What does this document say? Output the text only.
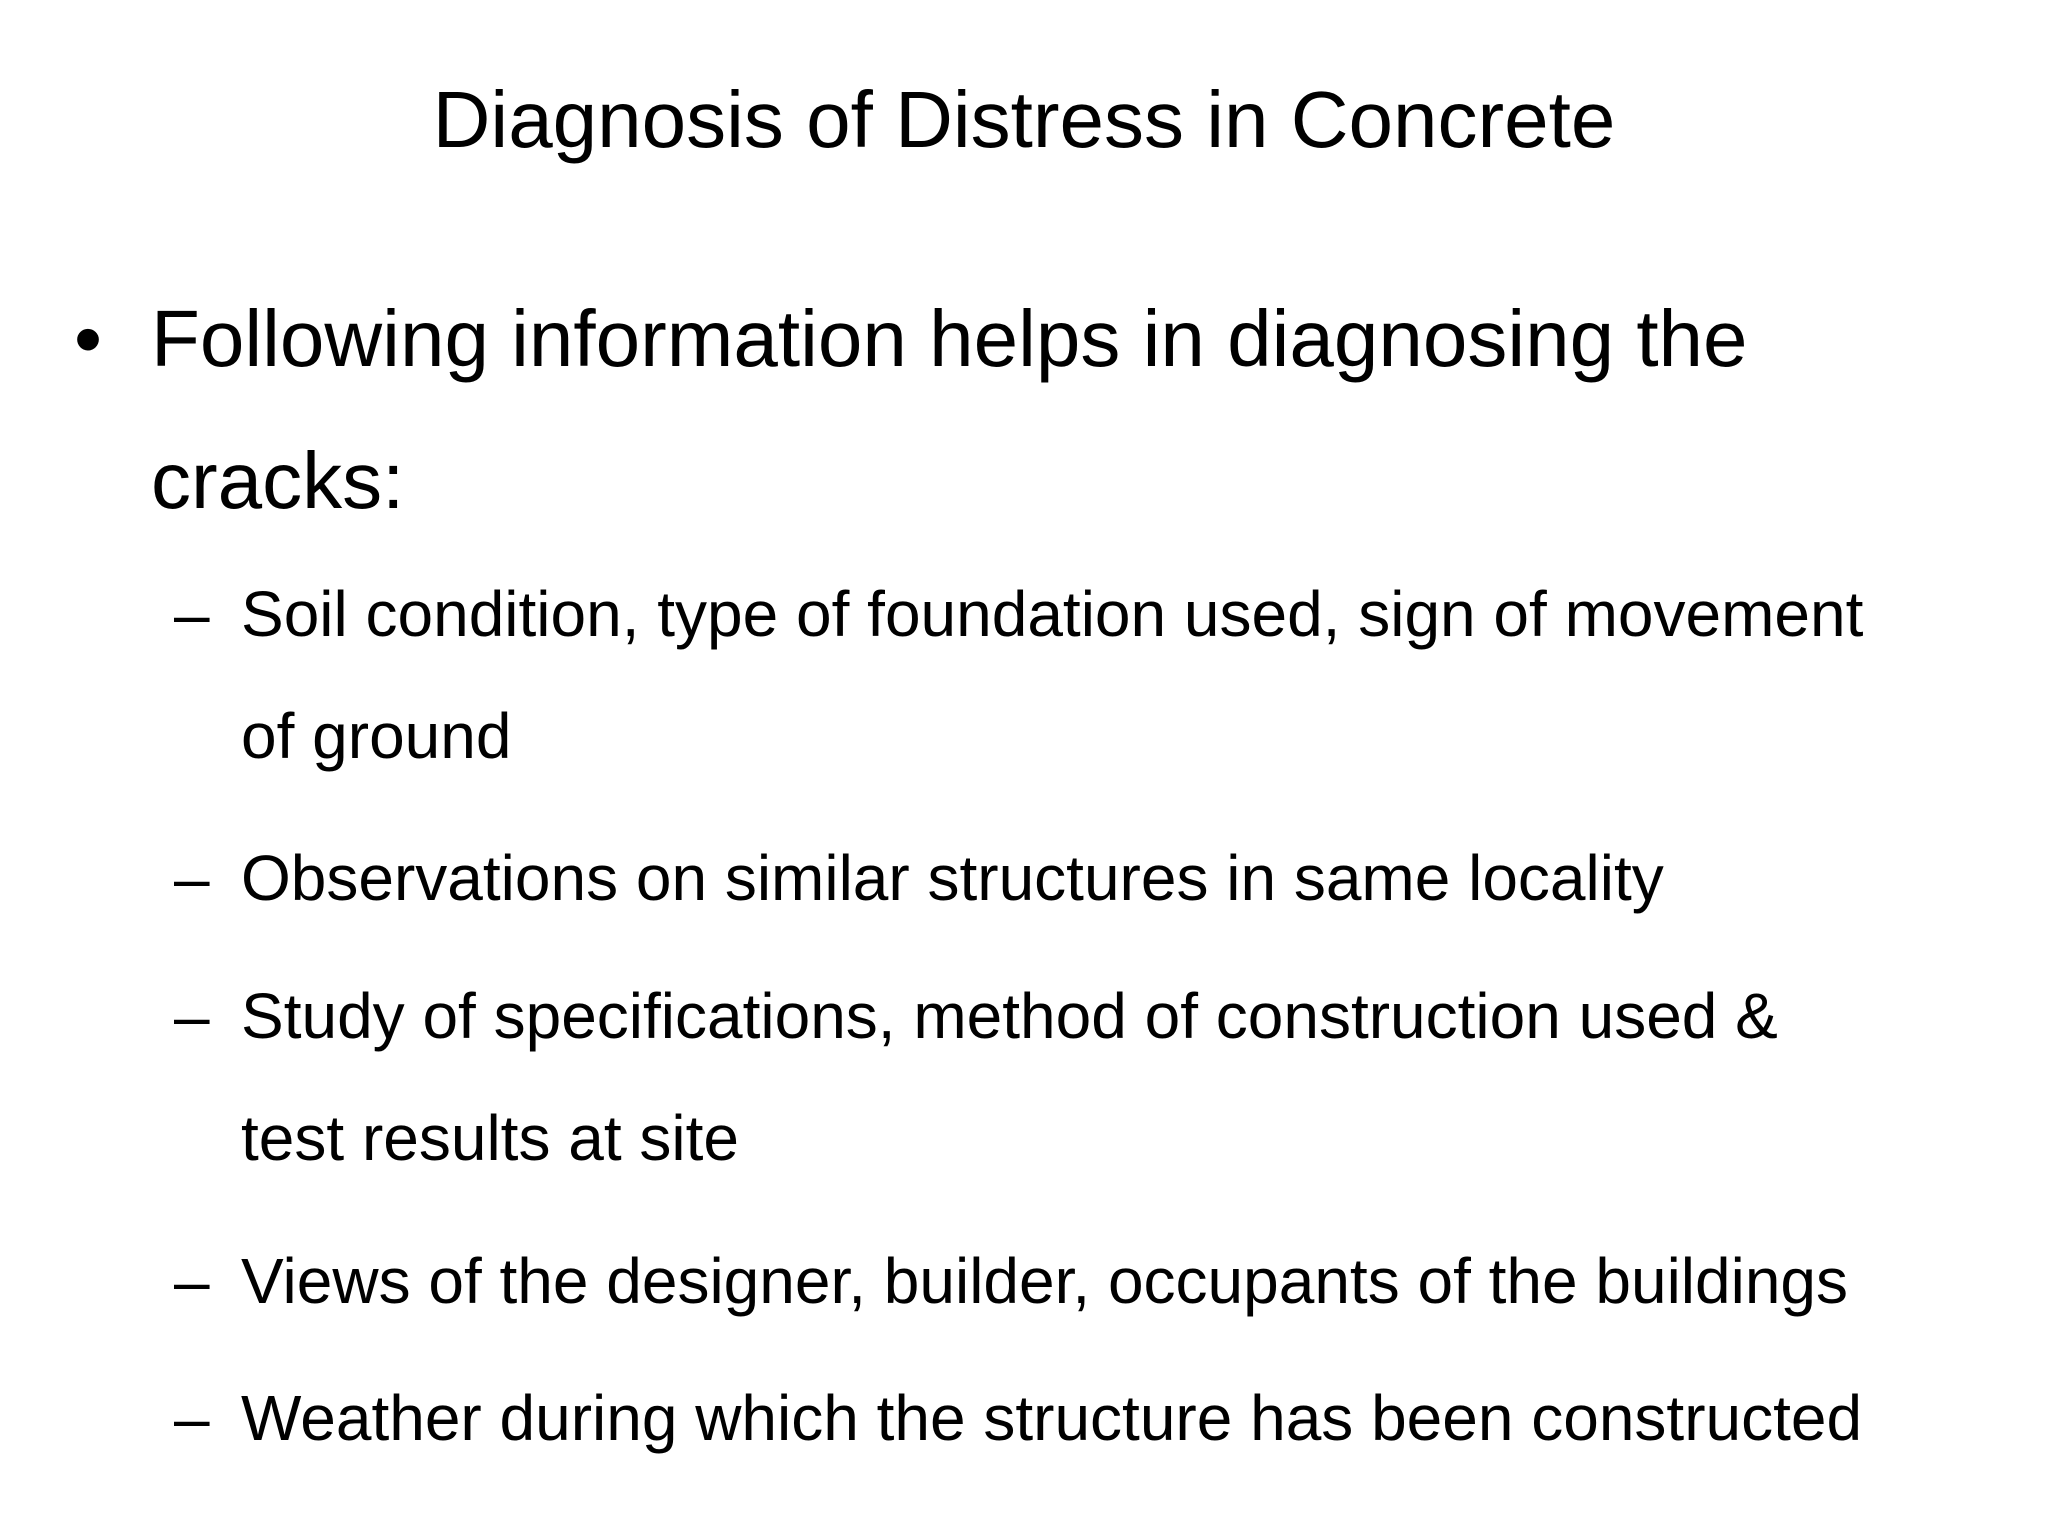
Diagnosis of Distress in Concrete
• Following information helps in diagnosing the
cracks:
– Soil condition, type of foundation used, sign of movement
of ground
– Observations on similar structures in same locality
– Study of specifications, method of construction used &
test results at site
– Views of the designer, builder, occupants of the buildings
– Weather during which the structure has been constructed
